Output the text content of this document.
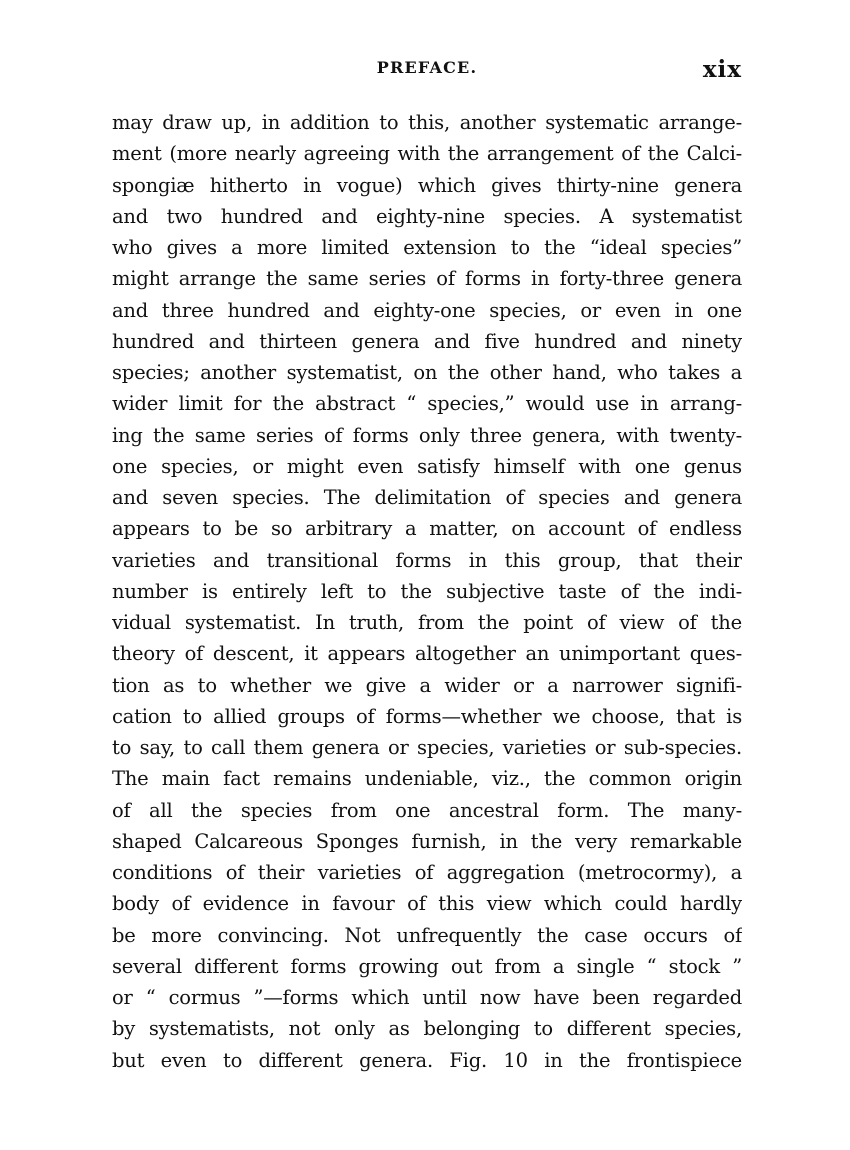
PREFACE.	xix
may draw up, in addition to this, another systematic arrange-
ment (more nearly agreeing with the arrangement of the Calci-
spongiæ hitherto in vogue) which gives thirty-nine genera
and two hundred and eighty-nine species. A systematist
who gives a more limited extension to the “ideal species”
might arrange the same series of forms in forty-three genera
and three hundred and eighty-one species, or even in one
hundred and thirteen genera and five hundred and ninety
species; another systematist, on the other hand, who takes a
wider limit for the abstract “ species,” would use in arrang-
ing the same series of forms only three genera, with twenty-
one species, or might even satisfy himself with one genus
and seven species. The delimitation of species and genera
appears to be so arbitrary a matter, on account of endless
varieties and transitional forms in this group, that their
number is entirely left to the subjective taste of the indi-
vidual systematist. In truth, from the point of view of the
theory of descent, it appears altogether an unimportant ques-
tion as to whether we give a wider or a narrower signifi-
cation to allied groups of forms—whether we choose, that is
to say, to call them genera or species, varieties or sub-species.
The main fact remains undeniable, viz., the common origin
of all the species from one ancestral form. The many-
shaped Calcareous Sponges furnish, in the very remarkable
conditions of their varieties of aggregation (metrocormy), a
body of evidence in favour of this view which could hardly
be more convincing. Not unfrequently the case occurs of
several different forms growing out from a single “ stock ”
or “ cormus ”—forms which until now have been regarded
by systematists, not only as belonging to different species,
but even to different genera. Fig. 10 in the frontispiece
